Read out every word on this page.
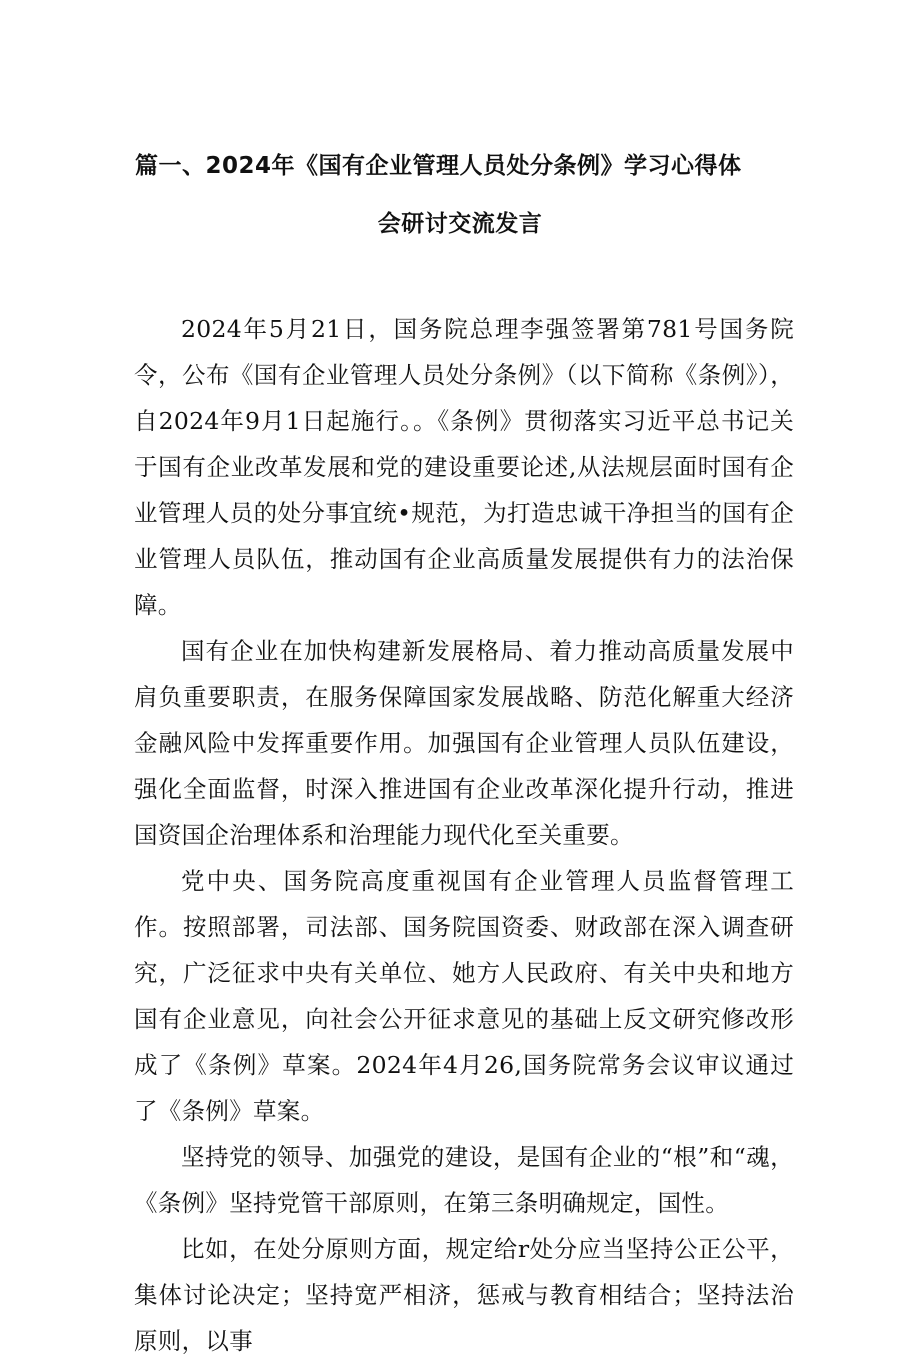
篇一、2024年《国有企业管理人员处分条例》学习心得体
会研讨交流发言

2024年5月21日，国务院总理李强签署第781号国务院令，公布《国有企业管理人员处分条例》（以下简称《条例》），自2024年9月1日起施行。。《条例》贯彻落实习近平总书记关于国有企业改革发展和党的建设重要论述,从法规层面时国有企业管理人员的处分事宜统•规范，为打造忠诚干净担当的国有企业管理人员队伍，推动国有企业高质量发展提供有力的法治保障。

国有企业在加快构建新发展格局、着力推动高质量发展中肩负重要职责，在服务保障国家发展战略、防范化解重大经济金融风险中发挥重要作用。加强国有企业管理人员队伍建设，强化全面监督，时深入推进国有企业改革深化提升行动，推进国资国企治理体系和治理能力现代化至关重要。

党中央、国务院高度重视国有企业管理人员监督管理工作。按照部署，司法部、国务院国资委、财政部在深入调查研究，广泛征求中央有关单位、她方人民政府、有关中央和地方国有企业意见，向社会公开征求意见的基础上反文研究修改形成了《条例》草案。2024年4月26,国务院常务会议审议通过了《条例》草案。

坚持党的领导、加强党的建设，是国有企业的“根”和“魂，《条例》坚持党管干部原则，在第三条明确规定，国性。

比如，在处分原则方面，规定给r处分应当坚持公正公平，集体讨论决定；坚持宽严相济，惩戒与教育相结合；坚持法治原则，以事
